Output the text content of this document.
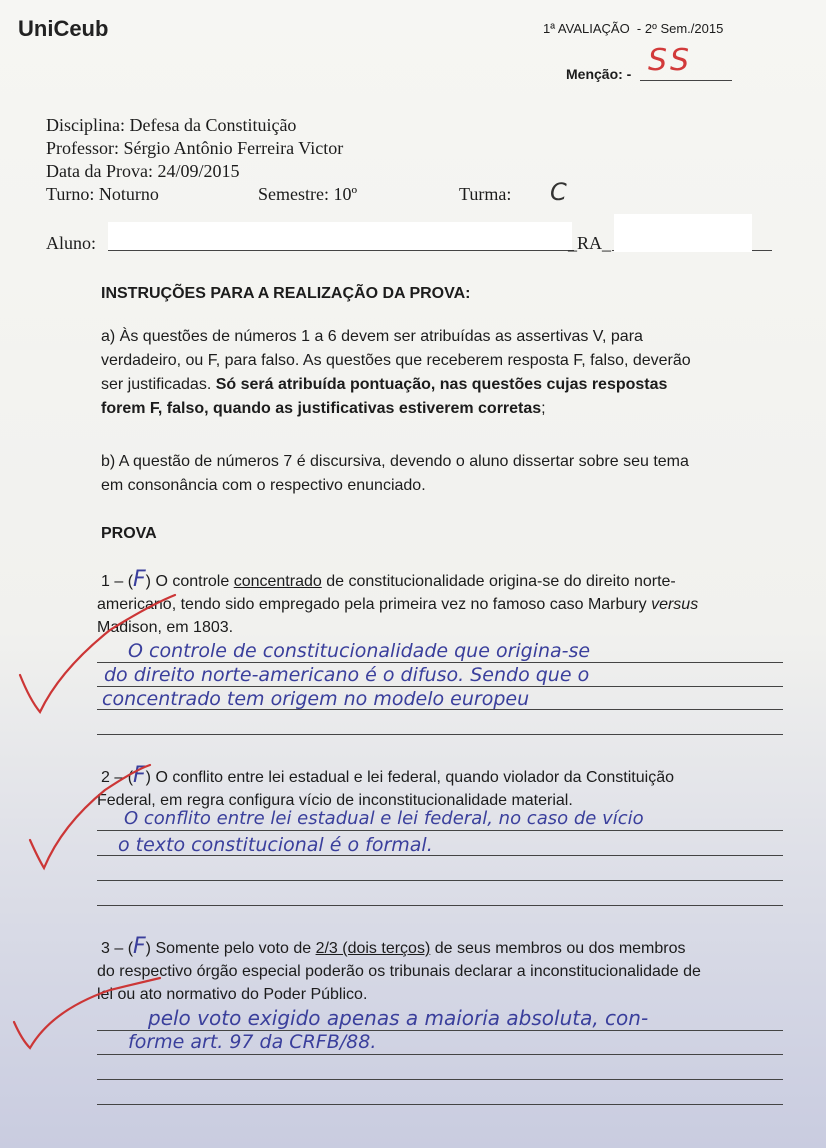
UniCeub	1ª AVALIAÇÃO  - 2º Sem./2015
Menção: - SS
Disciplina: Defesa da Constituição
Professor: Sérgio Antônio Ferreira Victor
Data da Prova: 24/09/2015
Turno: Noturno	Semestre: 10º	Turma: C
Aluno:	_RA_
INSTRUÇÕES PARA A REALIZAÇÃO DA PROVA:
a) Às questões de números 1 a 6 devem ser atribuídas as assertivas V, para
verdadeiro, ou F, para falso. As questões que receberem resposta F, falso, deverão
ser justificadas. Só será atribuída pontuação, nas questões cujas respostas
forem F, falso, quando as justificativas estiverem corretas;
b) A questão de números 7 é discursiva, devendo o aluno dissertar sobre seu tema
em consonância com o respectivo enunciado.
PROVA
1 – (F) O controle concentrado de constitucionalidade origina-se do direito norte-
americano, tendo sido empregado pela primeira vez no famoso caso Marbury versus
Madison, em 1803.
O controle de constitucionalidade que origina-se
do direito norte-americano é o difuso. Sendo que o
concentrado tem origem no modelo europeu
2 – (F) O conflito entre lei estadual e lei federal, quando violador da Constituição
Federal, em regra configura vício de inconstitucionalidade material.
O conflito entre lei estadual e lei federal, no caso de vício
o texto constitucional é o formal.
3 – (F) Somente pelo voto de 2/3 (dois terços) de seus membros ou dos membros
do respectivo órgão especial poderão os tribunais declarar a inconstitucionalidade de
lei ou ato normativo do Poder Público.
pelo voto exigido apenas a maioria absoluta, con-
forme art. 97 da CRFB/88.
